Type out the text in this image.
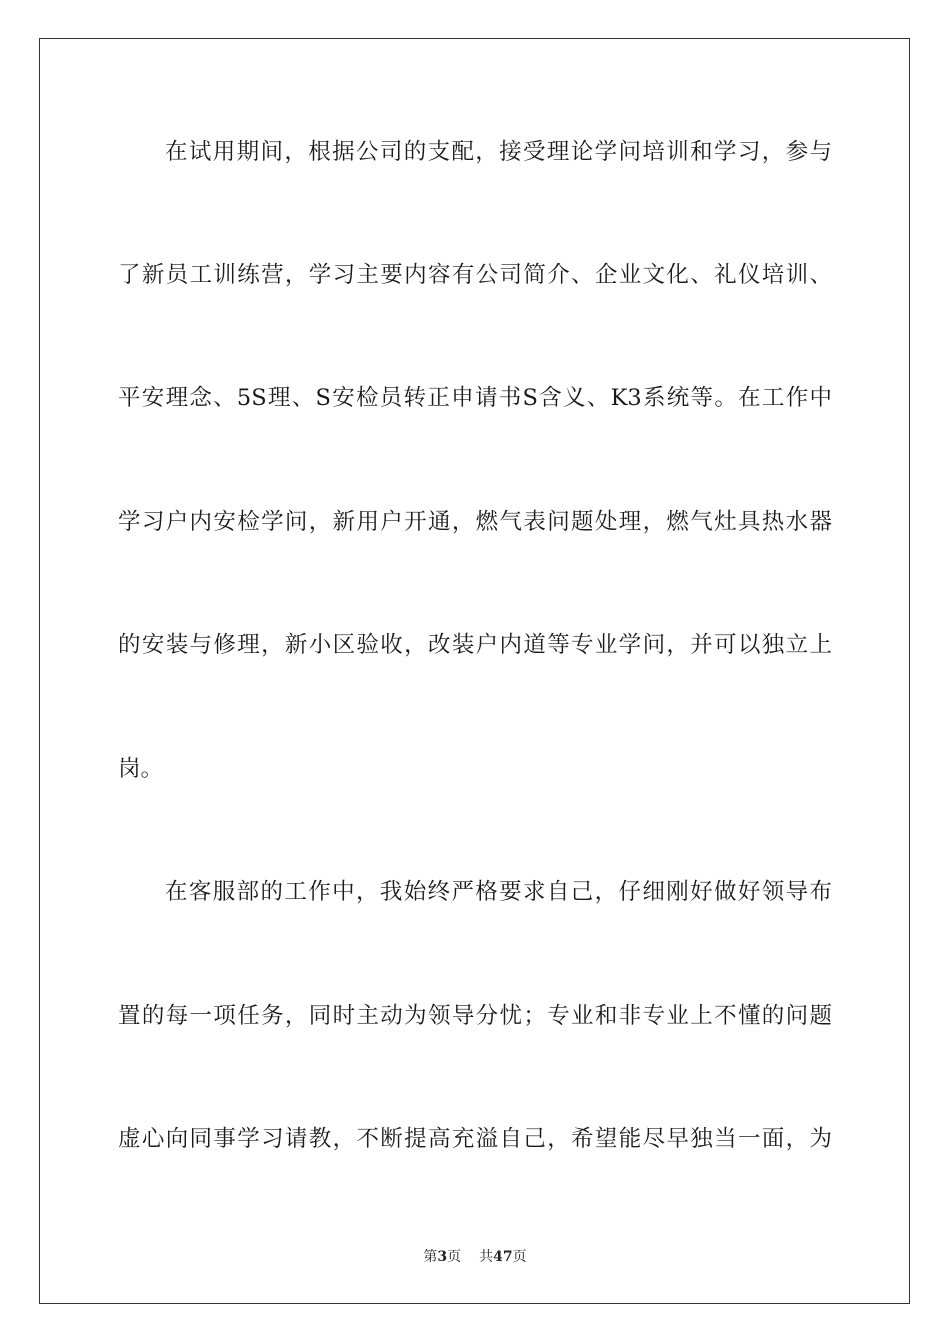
在试用期间，根据公司的支配，接受理论学问培训和学习，参与
了新员工训练营，学习主要内容有公司简介、企业文化、礼仪培训、
平安理念、5S理、S安检员转正申请书S含义、K3系统等。在工作中
学习户内安检学问，新用户开通，燃气表问题处理，燃气灶具热水器
的安装与修理，新小区验收，改装户内道等专业学问，并可以独立上
岗。
在客服部的工作中，我始终严格要求自己，仔细刚好做好领导布
置的每一项任务，同时主动为领导分忧；专业和非专业上不懂的问题
虚心向同事学习请教，不断提高充溢自己，希望能尽早独当一面，为
第3页 共47页
